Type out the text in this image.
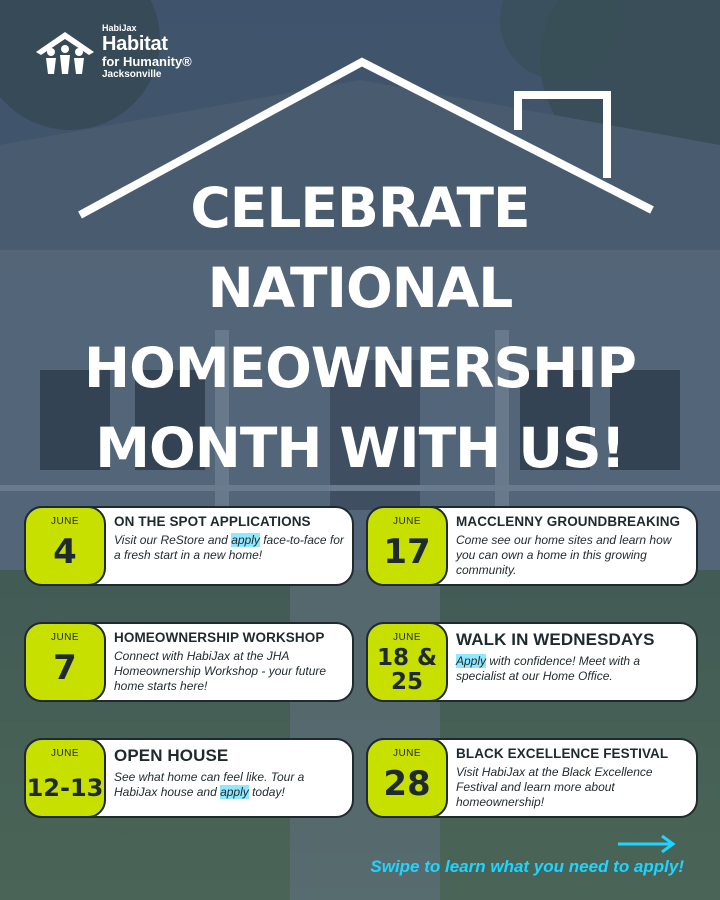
HabiJax
Habitat
for Humanity®
Jacksonville
CELEBRATE
NATIONAL
HOMEOWNERSHIP
MONTH WITH US!
JUNE
4
ON THE SPOT APPLICATIONS
Visit our ReStore and apply face-to-face for a fresh start in a new home!
JUNE
17
MACCLENNY GROUNDBREAKING
Come see our home sites and learn how you can own a home in this growing community.
JUNE
7
HOMEOWNERSHIP WORKSHOP
Connect with HabiJax at the JHA Homeownership Workshop - your future home starts here!
JUNE
18 &
25
WALK IN WEDNESDAYS
Apply with confidence! Meet with a specialist at our Home Office.
JUNE
12-13
OPEN HOUSE
See what home can feel like. Tour a HabiJax house and apply today!
JUNE
28
BLACK EXCELLENCE FESTIVAL
Visit HabiJax at the Black Excellence Festival and learn more about homeownership!
Swipe to learn what you need to apply!
